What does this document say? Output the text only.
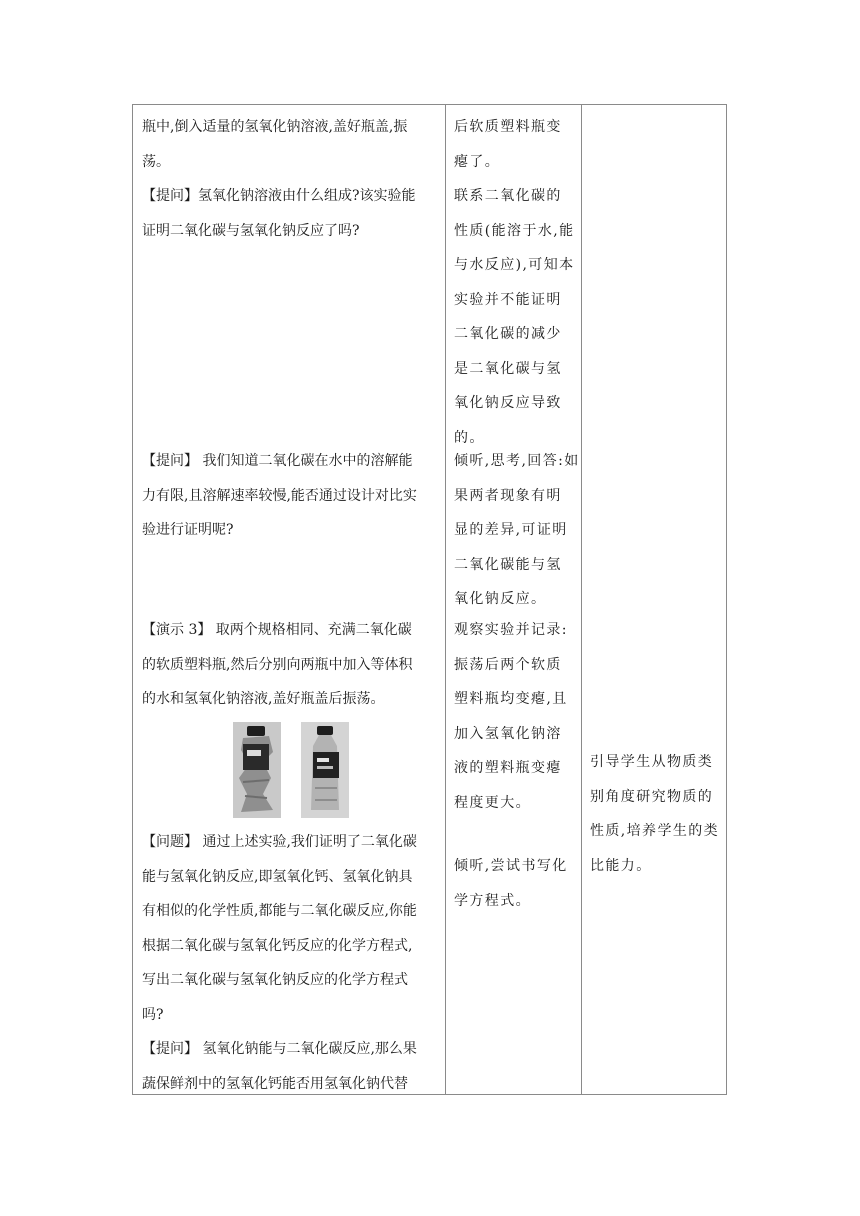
瓶中,倒入适量的氢氧化钠溶液,盖好瓶盖,振
荡。
【提问】氢氧化钠溶液由什么组成?该实验能
证明二氧化碳与氢氧化钠反应了吗?
【提问】 我们知道二氧化碳在水中的溶解能
力有限,且溶解速率较慢,能否通过设计对比实
验进行证明呢?
【演示 3】 取两个规格相同、充满二氧化碳
的软质塑料瓶,然后分别向两瓶中加入等体积
的水和氢氧化钠溶液,盖好瓶盖后振荡。
【问题】 通过上述实验,我们证明了二氧化碳
能与氢氧化钠反应,即氢氧化钙、氢氧化钠具
有相似的化学性质,都能与二氧化碳反应,你能
根据二氧化碳与氢氧化钙反应的化学方程式,
写出二氧化碳与氢氧化钠反应的化学方程式
吗?
【提问】 氢氧化钠能与二氧化碳反应,那么果
蔬保鲜剂中的氢氧化钙能否用氢氧化钠代替
后软质塑料瓶变
瘪了。
联系二氧化碳的
性质(能溶于水,能
与水反应),可知本
实验并不能证明
二氧化碳的减少
是二氧化碳与氢
氧化钠反应导致
的。
倾听,思考,回答:如
果两者现象有明
显的差异,可证明
二氧化碳能与氢
氧化钠反应。
观察实验并记录:
振荡后两个软质
塑料瓶均变瘪,且
加入氢氧化钠溶
液的塑料瓶变瘪
程度更大。
倾听,尝试书写化
学方程式。
引导学生从物质类
别角度研究物质的
性质,培养学生的类
比能力。
